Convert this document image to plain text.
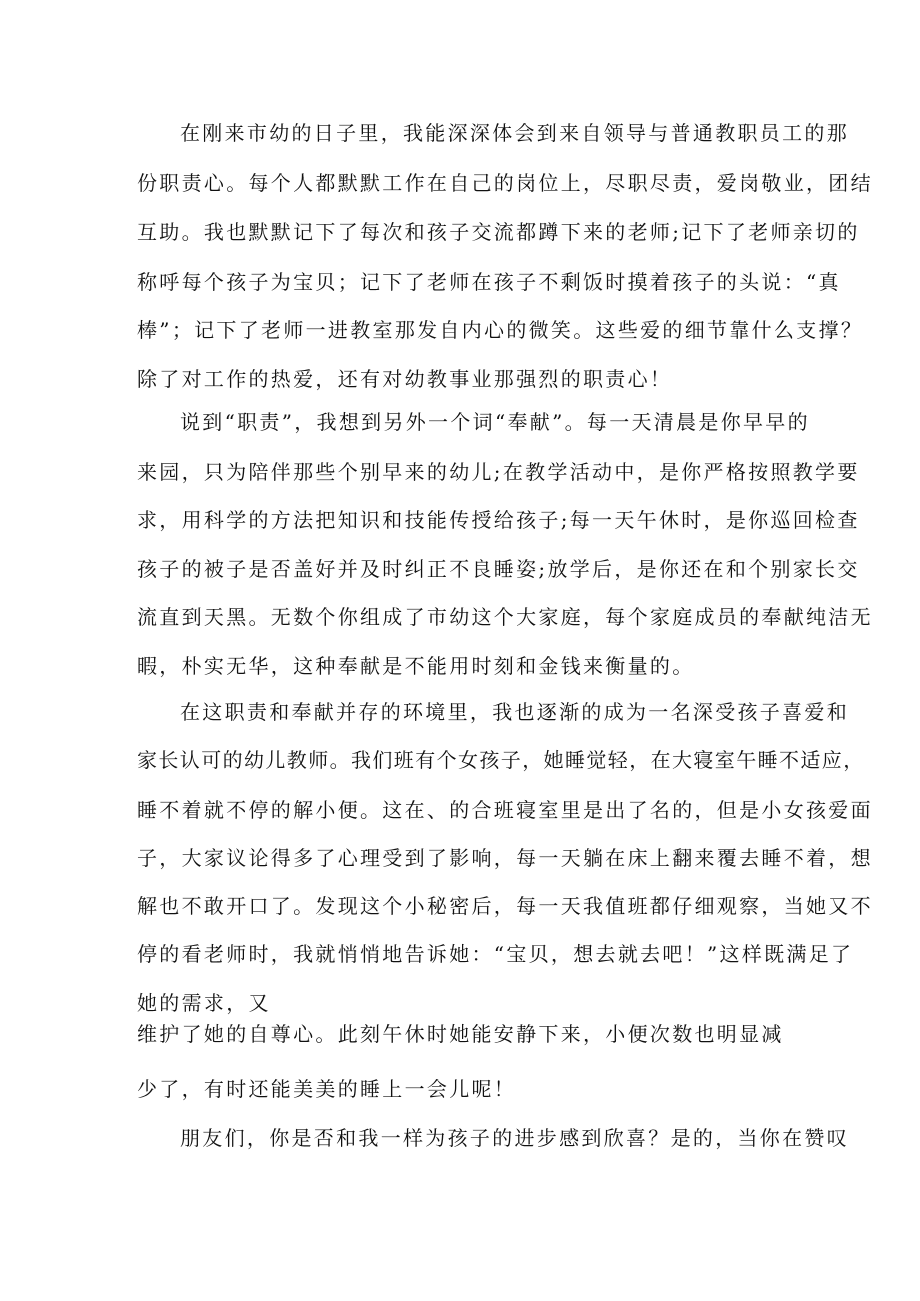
在刚来市幼的日子里，我能深深体会到来自领导与普通教职员工的那
份职责心。每个人都默默工作在自己的岗位上，尽职尽责，爱岗敬业，团结
互助。我也默默记下了每次和孩子交流都蹲下来的老师;记下了老师亲切的
称呼每个孩子为宝贝；记下了老师在孩子不剩饭时摸着孩子的头说：“真
棒”；记下了老师一进教室那发自内心的微笑。这些爱的细节靠什么支撑？
除了对工作的热爱，还有对幼教事业那强烈的职责心！
说到“职责”，我想到另外一个词“奉献”。每一天清晨是你早早的
来园，只为陪伴那些个别早来的幼儿;在教学活动中，是你严格按照教学要
求，用科学的方法把知识和技能传授给孩子;每一天午休时，是你巡回检查
孩子的被子是否盖好并及时纠正不良睡姿;放学后，是你还在和个别家长交
流直到天黑。无数个你组成了市幼这个大家庭，每个家庭成员的奉献纯洁无
暇，朴实无华，这种奉献是不能用时刻和金钱来衡量的。
在这职责和奉献并存的环境里，我也逐渐的成为一名深受孩子喜爱和
家长认可的幼儿教师。我们班有个女孩子，她睡觉轻，在大寝室午睡不适应，
睡不着就不停的解小便。这在、的合班寝室里是出了名的，但是小女孩爱面
子，大家议论得多了心理受到了影响，每一天躺在床上翻来覆去睡不着，想
解也不敢开口了。发现这个小秘密后，每一天我值班都仔细观察，当她又不
停的看老师时，我就悄悄地告诉她：“宝贝，想去就去吧！”这样既满足了
她的需求，又
维护了她的自尊心。此刻午休时她能安静下来，小便次数也明显减
少了，有时还能美美的睡上一会儿呢！
朋友们，你是否和我一样为孩子的进步感到欣喜？是的，当你在赞叹
